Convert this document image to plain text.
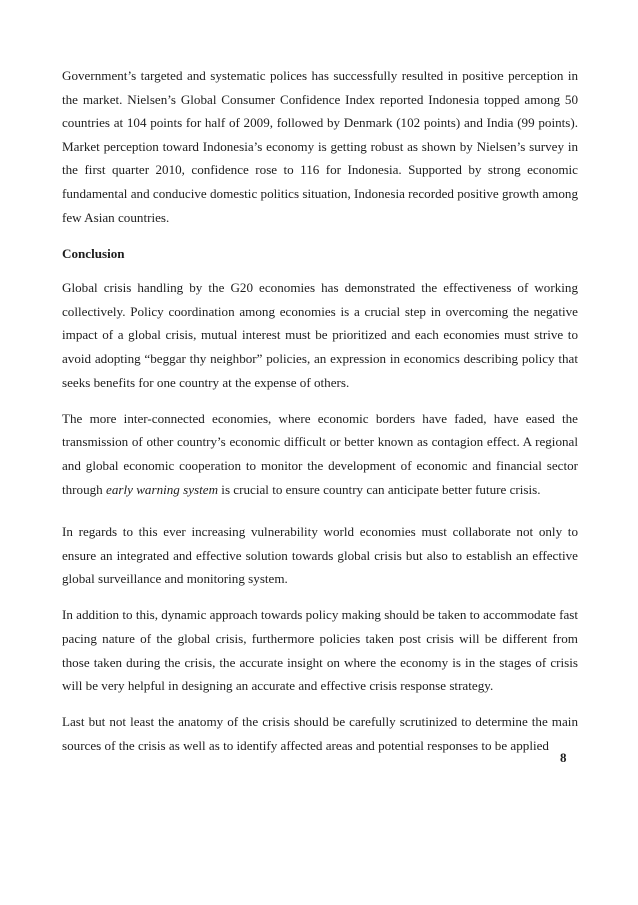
Government’s targeted and systematic polices has successfully resulted in positive perception in the market. Nielsen’s Global Consumer Confidence Index reported Indonesia topped among 50 countries at 104 points for half of 2009, followed by Denmark (102 points) and India (99 points). Market perception toward Indonesia’s economy is getting robust as shown by Nielsen’s survey in the first quarter 2010, confidence rose to 116 for Indonesia. Supported by strong economic fundamental and conducive domestic politics situation, Indonesia recorded positive growth among few Asian countries.

Conclusion

Global crisis handling by the G20 economies has demonstrated the effectiveness of working collectively. Policy coordination among economies is a crucial step in overcoming the negative impact of a global crisis, mutual interest must be prioritized and each economies must strive to avoid adopting “beggar thy neighbor” policies, an expression in economics describing policy that seeks benefits for one country at the expense of others.

The more inter-connected economies, where economic borders have faded, have eased the transmission of other country’s economic difficult or better known as contagion effect. A regional and global economic cooperation to monitor the development of economic and financial sector through early warning system is crucial to ensure country can anticipate better future crisis.

In regards to this ever increasing vulnerability world economies must collaborate not only to ensure an integrated and effective solution towards global crisis but also to establish an effective global surveillance and monitoring system.

In addition to this, dynamic approach towards policy making should be taken to accommodate fast pacing nature of the global crisis, furthermore policies taken post crisis will be different from those taken during the crisis, the accurate insight on where the economy is in the stages of crisis will be very helpful in designing an accurate and effective crisis response strategy.

Last but not least the anatomy of the crisis should be carefully scrutinized to determine the main sources of the crisis as well as to identify affected areas and potential responses to be applied

8
